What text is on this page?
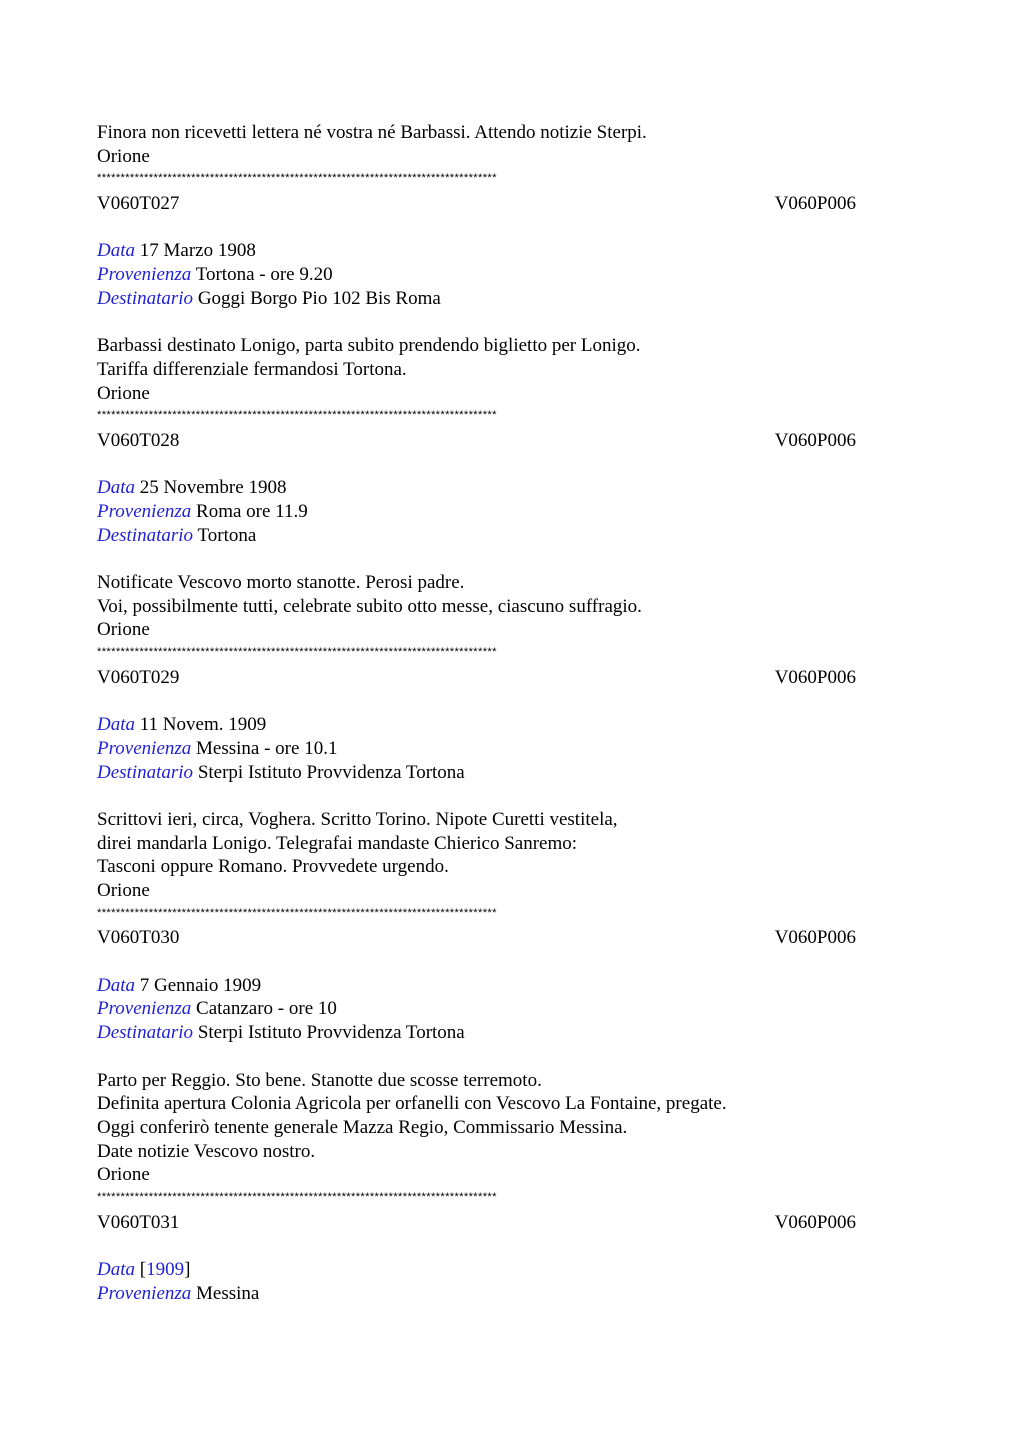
Finora non ricevetti lettera né vostra né Barbassi. Attendo notizie Sterpi.
Orione
*************************************************************************************
V060T027	V060P006
Data 17 Marzo 1908
Provenienza Tortona - ore 9.20
Destinatario Goggi Borgo Pio 102 Bis Roma
Barbassi destinato Lonigo, parta subito prendendo biglietto per Lonigo.
Tariffa differenziale fermandosi Tortona.
Orione
*************************************************************************************
V060T028	V060P006
Data 25 Novembre 1908
Provenienza Roma ore 11.9
Destinatario Tortona
Notificate Vescovo morto stanotte. Perosi padre.
Voi, possibilmente tutti, celebrate subito otto messe, ciascuno suffragio.
Orione
*************************************************************************************
V060T029	V060P006
Data 11 Novem. 1909
Provenienza Messina - ore 10.1
Destinatario Sterpi Istituto Provvidenza Tortona
Scrittovi ieri, circa, Voghera. Scritto Torino. Nipote Curetti vestitela,
direi mandarla Lonigo. Telegrafai mandaste Chierico Sanremo:
Tasconi oppure Romano. Provvedete urgendo.
Orione
*************************************************************************************
V060T030	V060P006
Data 7 Gennaio 1909
Provenienza Catanzaro - ore 10
Destinatario Sterpi Istituto Provvidenza Tortona
Parto per Reggio. Sto bene. Stanotte due scosse terremoto.
Definita apertura Colonia Agricola per orfanelli con Vescovo La Fontaine, pregate.
Oggi conferirò tenente generale Mazza Regio, Commissario Messina.
Date notizie Vescovo nostro.
Orione
*************************************************************************************
V060T031	V060P006
Data [1909]
Provenienza Messina
